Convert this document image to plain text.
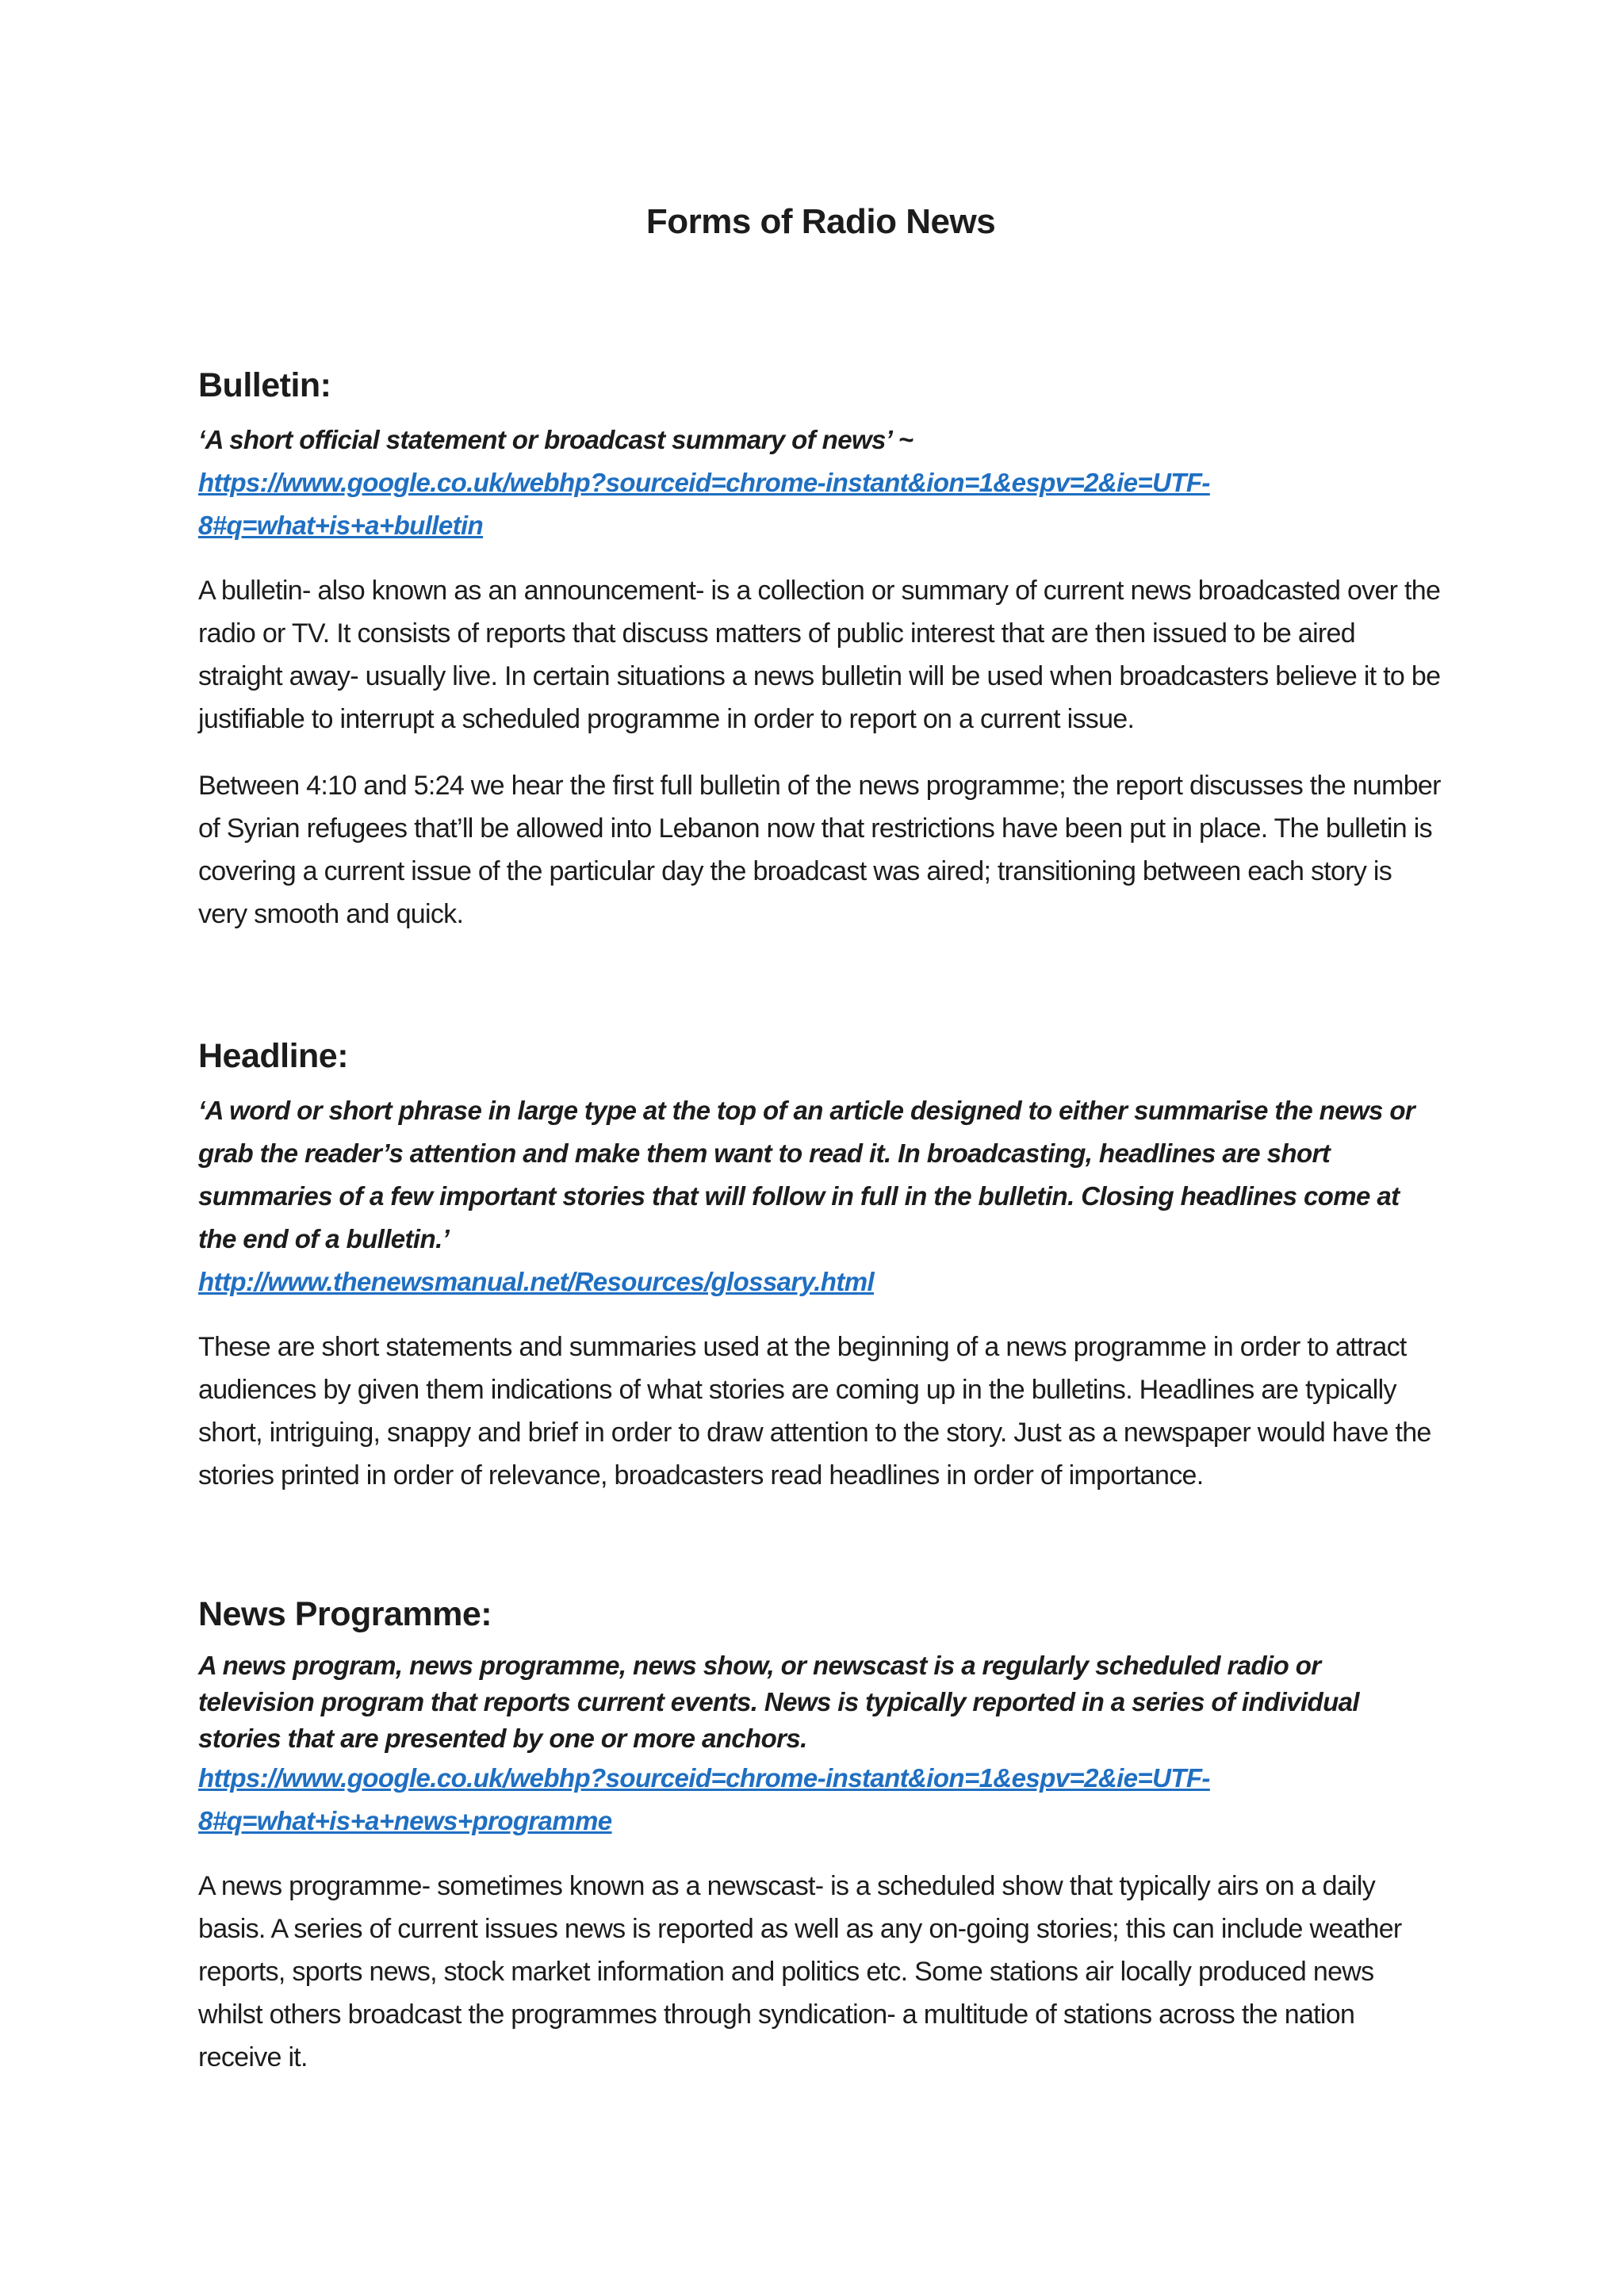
Forms of Radio News
Bulletin:

‘A short official statement or broadcast summary of news’ ~

https://www.google.co.uk/webhp?sourceid=chrome-instant&ion=1&espv=2&ie=UTF-
8#q=what+is+a+bulletin

A bulletin- also known as an announcement- is a collection or summary of current news broadcasted over the radio or TV. It consists of reports that discuss matters of public interest that are then issued to be aired straight away- usually live. In certain situations a news bulletin will be used when broadcasters believe it to be justifiable to interrupt a scheduled programme in order to report on a current issue.

Between 4:10 and 5:24 we hear the first full bulletin of the news programme; the report discusses the number of Syrian refugees that’ll be allowed into Lebanon now that restrictions have been put in place. The bulletin is covering a current issue of the particular day the broadcast was aired; transitioning between each story is very smooth and quick.

Headline:

‘A word or short phrase in large type at the top of an article designed to either summarise the news or grab the reader’s attention and make them want to read it. In broadcasting, headlines are short summaries of a few important stories that will follow in full in the bulletin. Closing headlines come at the end of a bulletin.’

http://www.thenewsmanual.net/Resources/glossary.html

These are short statements and summaries used at the beginning of a news programme in order to attract audiences by given them indications of what stories are coming up in the bulletins. Headlines are typically short, intriguing, snappy and brief in order to draw attention to the story. Just as a newspaper would have the stories printed in order of relevance, broadcasters read headlines in order of importance.

News Programme:

A news program, news programme, news show, or newscast is a regularly scheduled radio or television program that reports current events. News is typically reported in a series of individual stories that are presented by one or more anchors.

https://www.google.co.uk/webhp?sourceid=chrome-instant&ion=1&espv=2&ie=UTF-
8#q=what+is+a+news+programme

A news programme- sometimes known as a newscast- is a scheduled show that typically airs on a daily basis. A series of current issues news is reported as well as any on-going stories; this can include weather reports, sports news, stock market information and politics etc. Some stations air locally produced news whilst others broadcast the programmes through syndication- a multitude of stations across the nation receive it.
